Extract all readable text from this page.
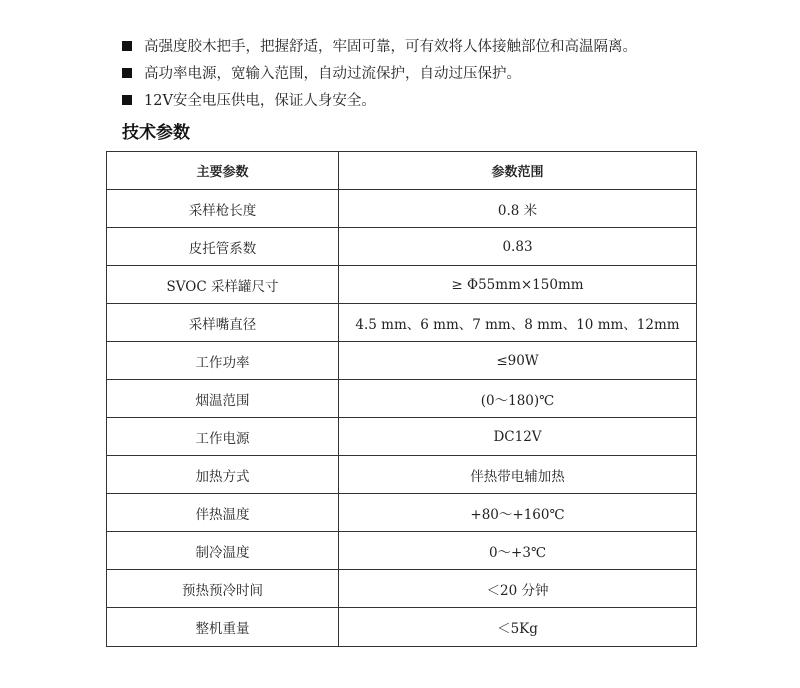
高强度胶木把手，把握舒适，牢固可靠，可有效将人体接触部位和高温隔离。
高功率电源，宽输入范围，自动过流保护，自动过压保护。
12V安全电压供电，保证人身安全。
技术参数
主要参数	参数范围
采样枪长度	0.8 米
皮托管系数	0.83
SVOC 采样罐尺寸	≥ Φ55mm×150mm
采样嘴直径	4.5 mm、6 mm、7 mm、8 mm、10 mm、12mm
工作功率	≤90W
烟温范围	(0～180)℃
工作电源	DC12V
加热方式	伴热带电辅加热
伴热温度	+80～+160℃
制冷温度	0～+3℃
预热预冷时间	＜20 分钟
整机重量	＜5Kg
